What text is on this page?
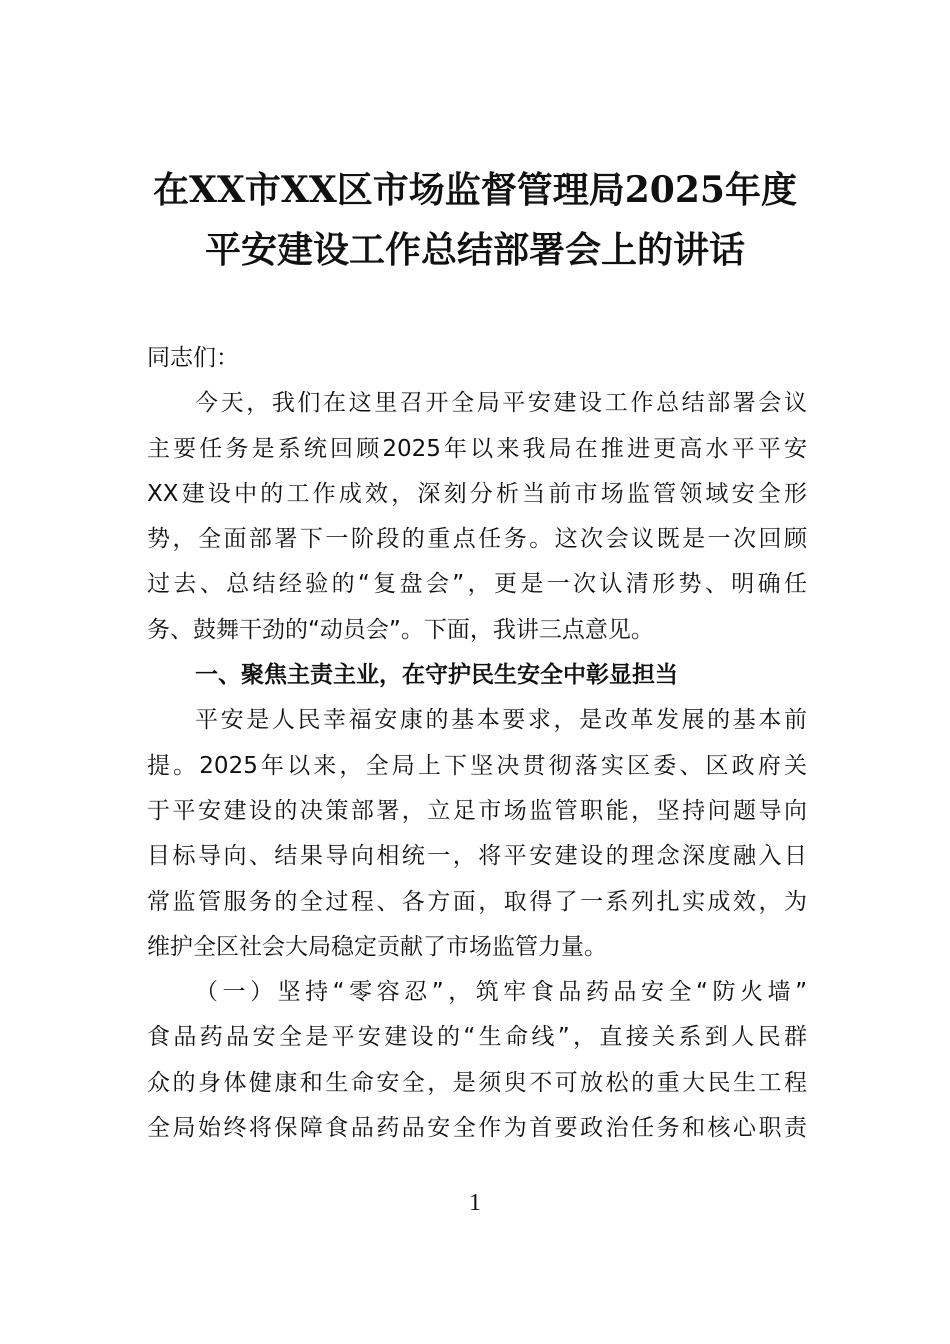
在XX市XX区市场监督管理局2025年度
平安建设工作总结部署会上的讲话
同志们：
今天，我们在这里召开全局平安建设工作总结部署会议
主要任务是系统回顾2025年以来我局在推进更高水平平安
XX建设中的工作成效，深刻分析当前市场监管领域安全形
势，全面部署下一阶段的重点任务。这次会议既是一次回顾
过去、总结经验的“复盘会”，更是一次认清形势、明确任
务、鼓舞干劲的“动员会”。下面，我讲三点意见。
一、聚焦主责主业，在守护民生安全中彰显担当
平安是人民幸福安康的基本要求，是改革发展的基本前
提。2025年以来，全局上下坚决贯彻落实区委、区政府关
于平安建设的决策部署，立足市场监管职能，坚持问题导向
目标导向、结果导向相统一，将平安建设的理念深度融入日
常监管服务的全过程、各方面，取得了一系列扎实成效，为
维护全区社会大局稳定贡献了市场监管力量。
（一）坚持“零容忍”，筑牢食品药品安全“防火墙”
食品药品安全是平安建设的“生命线”，直接关系到人民群
众的身体健康和生命安全，是须臾不可放松的重大民生工程
全局始终将保障食品药品安全作为首要政治任务和核心职责
1
